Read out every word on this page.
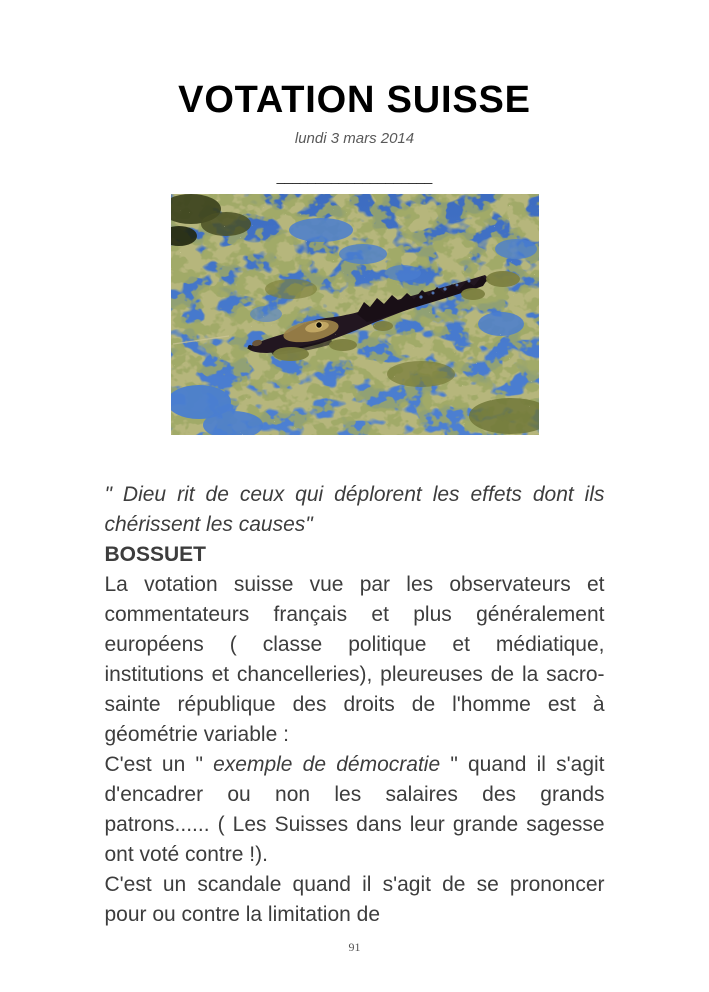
VOTATION SUISSE
lundi 3 mars 2014
____________________

" Dieu rit de ceux qui déplorent les effets dont ils chérissent les causes"

BOSSUET

La votation suisse vue par les observateurs et commentateurs français et plus généralement européens ( classe politique et médiatique, institutions et chancelleries), pleureuses de la sacro-sainte république des droits de l'homme est à géométrie variable :

C'est un " exemple de démocratie " quand il s'agit d'encadrer ou non les salaires des grands patrons...... ( Les Suisses dans leur grande sagesse ont voté contre !).

C'est un scandale quand il s'agit de se prononcer pour ou contre la limitation de

91
